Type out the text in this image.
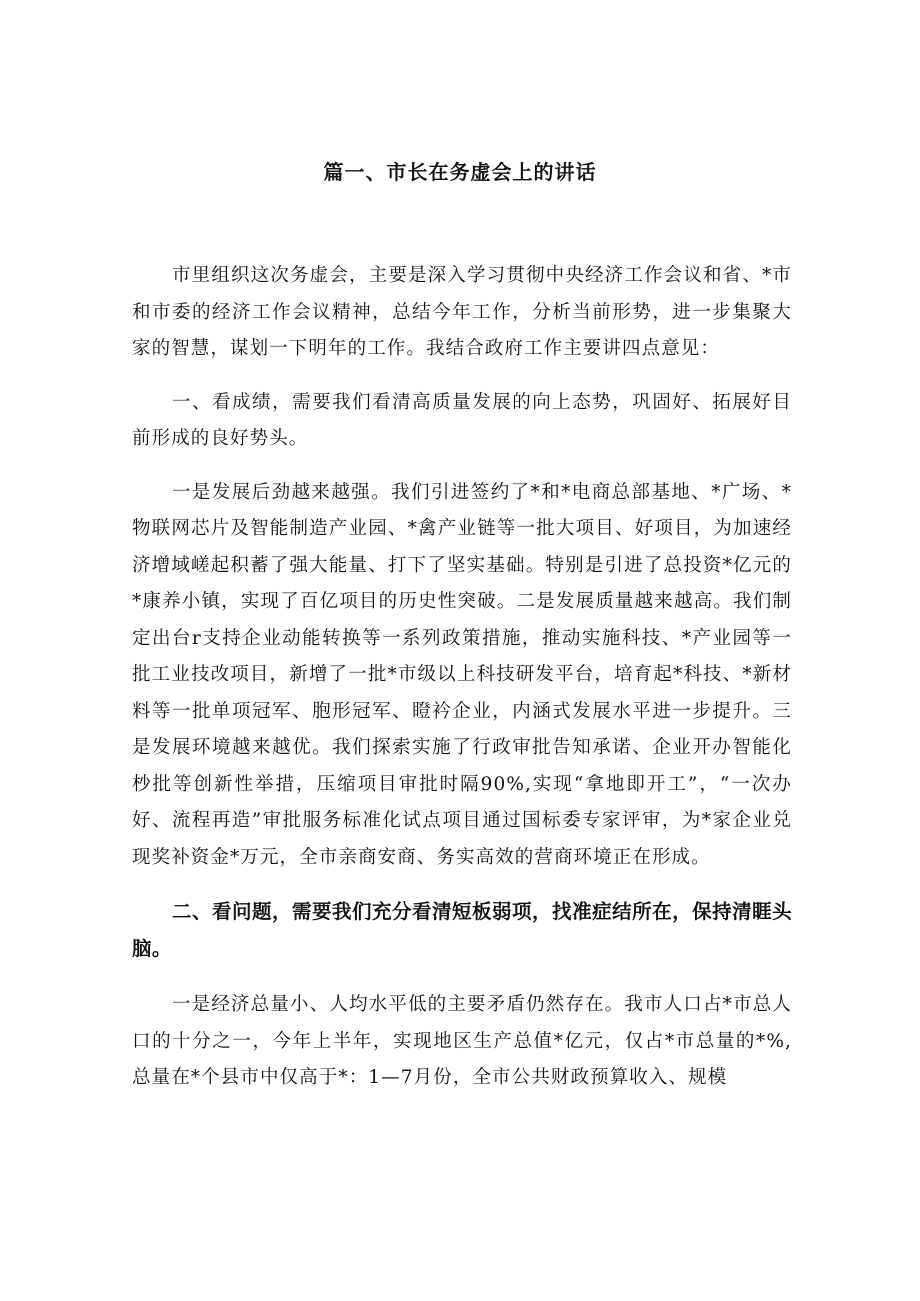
篇一、市长在务虚会上的讲话

市里组织这次务虚会，主要是深入学习贯彻中央经济工作会议和省、*市和市委的经济工作会议精神，总结今年工作，分析当前形势，进一步集聚大家的智慧，谋划一下明年的工作。我结合政府工作主要讲四点意见：

一、看成绩，需要我们看清高质量发展的向上态势，巩固好、拓展好目前形成的良好势头。

一是发展后劲越来越强。我们引进签约了*和*电商总部基地、*广场、*物联网芯片及智能制造产业园、*禽产业链等一批大项目、好项目，为加速经济增域嵯起积蓄了强大能量、打下了坚实基础。特别是引进了总投资*亿元的*康养小镇，实现了百亿项目的历史性突破。二是发展质量越来越高。我们制定出台r支持企业动能转换等一系列政策措施，推动实施科技、*产业园等一批工业技改项目，新增了一批*市级以上科技研发平台，培育起*科技、*新材料等一批单项冠军、胞形冠军、瞪衿企业，内涵式发展水平进一步提升。三是发展环境越来越优。我们探索实施了行政审批告知承诺、企业开办智能化杪批等创新性举措，压缩项目审批时隔90%,实现“拿地即开工”，“一次办好、流程再造”审批服务标准化试点项目通过国标委专家评审，为*家企业兑现奖补资金*万元，全市亲商安商、务实高效的营商环境正在形成。

二、看问题，需要我们充分看清短板弱项，找准症结所在，保持清睚头脑。

一是经济总量小、人均水平低的主要矛盾仍然存在。我市人口占*市总人口的十分之一，今年上半年，实现地区生产总值*亿元，仅占*市总量的*%,总量在*个县市中仅高于*：1—7月份，全市公共财政预算收入、规模
